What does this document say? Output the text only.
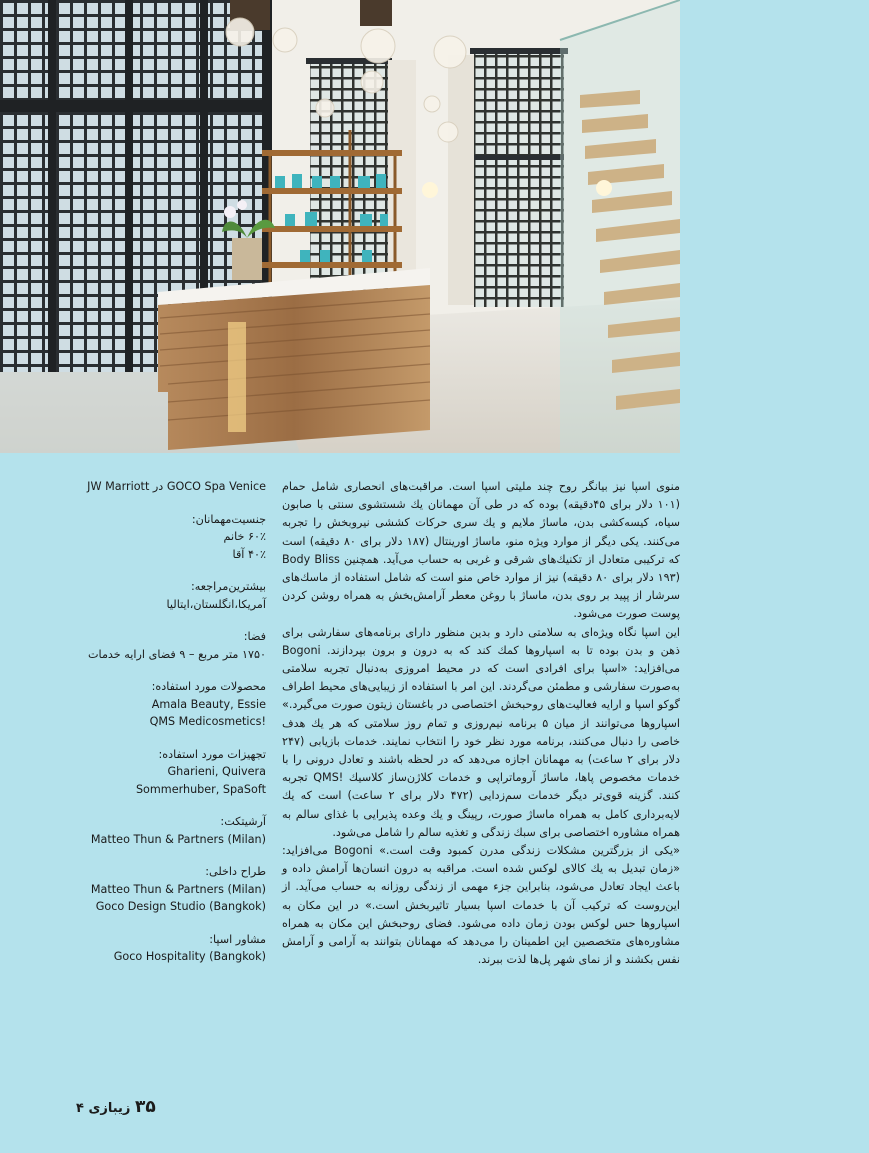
منوی اسپا نیز بیانگر روح چند ملیتی اسپا است. مراقبت‌های انحصاری شامل حمام (۱۰۱ دلار برای ۴۵دقیقه) بوده که در طی آن مهمانان یك شستشوی سنتی با صابون سیاه، کیسه‌کشی بدن، ماساژ ملایم و یك سری حرکات کششی نیروبخش را تجربه می‌کنند. یکی دیگر از موارد ویژه منو، ماساژ اورینتال (۱۸۷ دلار برای ۸۰ دقیقه) است که ترکیبی متعادل از تکنیك‌های شرقی و غربی به حساب می‌آید. همچنین Body Bliss (۱۹۳ دلار برای ۸۰ دقیقه) نیز از موارد خاص منو است که شامل استفاده از ماسك‌های سرشار از پپید بر روی بدن، ماساژ با روغن معطر آرامش‌بخش به همراه روشن کردن پوست صورت می‌شود.

این اسپا نگاه ویژه‌ای به سلامتی دارد و بدین منظور دارای برنامه‌های سفارشی برای ذهن و بدن بوده تا به اسپاروها کمك کند که به درون و برون بپردازند. Bogoni می‌افزاید: «اسپا برای افرادی است که در محیط امروزی به‌دنبال تجربه سلامتی به‌صورت سفارشی و مطمئن می‌گردند. این امر با استفاده از زیبایی‌های محیط اطراف گوکو اسپا و ارایه فعالیت‌های روحبخش اختصاصی در باغستان زیتون صورت می‌گیرد.» اسپاروها می‌توانند از میان ۵ برنامه نیم‌روزی و تمام روز سلامتی که هر یك هدف خاصی را دنبال می‌کنند، برنامه مورد نظر خود را انتخاب نمایند. خدمات بازیابی (۲۴۷ دلار برای ۲ ساعت) به مهمانان اجازه می‌دهد که در لحظه باشند و تعادل درونی را با خدمات مخصوص پاها، ماساژ آروماتراپی و خدمات کلاژن‌ساز کلاسیك !QMS تجربه کنند. گزینه قوی‌تر دیگر خدمات سم‌زدایی (۴۷۲ دلار برای ۲ ساعت) است که یك لایه‌برداری کامل به همراه ماساژ صورت، رپینگ و یك وعده پذیرایی با غذای سالم به همراه مشاوره اختصاصی برای سبك زندگی و تغذیه سالم را شامل می‌شود.

«یکی از بزرگترین مشکلات زندگی مدرن کمبود وقت است.» Bogoni می‌افزاید: «زمان تبدیل به یك کالای لوکس شده است. مراقبه به درون انسان‌ها آرامش داده و باعث ایجاد تعادل می‌شود، بنابراین جزء مهمی از زندگی روزانه به حساب می‌آید. از این‌روست که ترکیب آن با خدمات اسپا بسیار تاثیربخش است.» در این مکان به اسپاروها حس لوکس بودن زمان داده می‌شود. فضای روحبخش این مکان به همراه مشاوره‌های متخصصین این اطمینان را می‌دهد که مهمانان بتوانند به آرامی و آرامش نفس بکشند و از نمای شهر پل‌ها لذت ببرند.

GOCO Spa Venice در JW Marriott
جنسیت‌مهمانان:
۶۰٪ خانم
۴۰٪ آقا
بیشترین‌مراجعه:
آمریکا،انگلستان،ایتالیا
فضا:
۱۷۵۰ متر مربع – ۹ فضای ارایه خدمات
محصولات مورد استفاده:
Amala Beauty, Essie
QMS Medicosmetics!
تجهیزات مورد استفاده:
Gharieni, Quivera
Sommerhuber, SpaSoft
آرشیتکت:
Matteo Thun & Partners (Milan)
طراح داخلی:
Matteo Thun & Partners (Milan)
Goco Design Studio (Bangkok)
مشاور اسپا:
Goco Hospitality (Bangkok)
۳۵ زیبازی ۴
